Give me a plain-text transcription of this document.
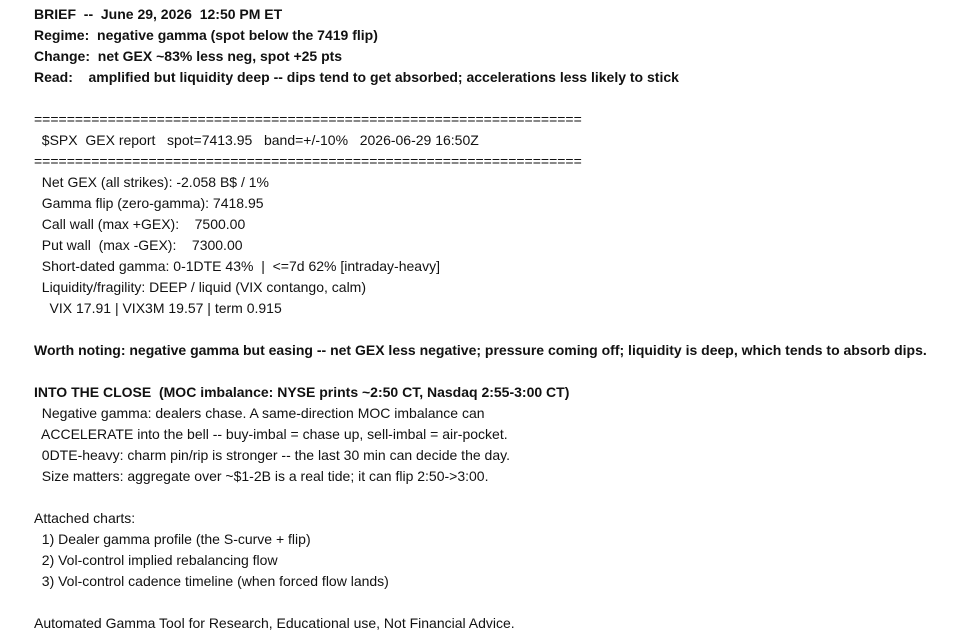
BRIEF  --  June 29, 2026  12:50 PM ET
Regime:  negative gamma (spot below the 7419 flip)
Change:  net GEX ~83% less neg, spot +25 pts
Read:    amplified but liquidity deep -- dips tend to get absorbed; accelerations less likely to stick
===================================================================
$SPX  GEX report   spot=7413.95   band=+/-10%   2026-06-29 16:50Z
===================================================================
Net GEX (all strikes): -2.058 B$ / 1%
Gamma flip (zero-gamma): 7418.95
Call wall (max +GEX):    7500.00
Put wall  (max -GEX):    7300.00
Short-dated gamma: 0-1DTE 43%  |  <=7d 62% [intraday-heavy]
Liquidity/fragility: DEEP / liquid (VIX contango, calm)
VIX 17.91 | VIX3M 19.57 | term 0.915
Worth noting: negative gamma but easing -- net GEX less negative; pressure coming off; liquidity is deep, which tends to absorb dips.
INTO THE CLOSE  (MOC imbalance: NYSE prints ~2:50 CT, Nasdaq 2:55-3:00 CT)
Negative gamma: dealers chase. A same-direction MOC imbalance can
ACCELERATE into the bell -- buy-imbal = chase up, sell-imbal = air-pocket.
0DTE-heavy: charm pin/rip is stronger -- the last 30 min can decide the day.
Size matters: aggregate over ~$1-2B is a real tide; it can flip 2:50->3:00.
Attached charts:
1) Dealer gamma profile (the S-curve + flip)
2) Vol-control implied rebalancing flow
3) Vol-control cadence timeline (when forced flow lands)
Automated Gamma Tool for Research, Educational use, Not Financial Advice.
